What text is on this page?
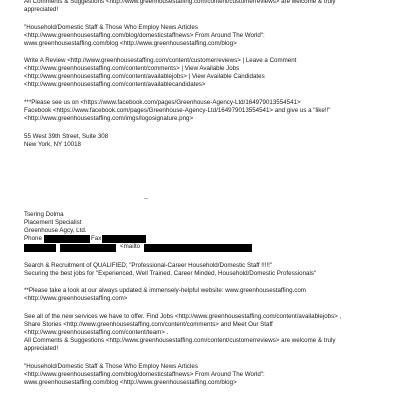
All Comments & Suggestions <http://www.greenhousestaffing.com/content/customerreviews> are welcome & truly
appreciated!
"Household/Domestic Staff & Those Who Employ News Articles
<http://www.greenhousestaffing.com/blog/domesticstaffnews> From Around The World":
www.greenhousestaffing.com/blog <http://www.greenhousestaffing.com/blog>
Write A Review <http://www.greenhousestaffing.com/content/customerreviews> | Leave a Comment
<http://www.greenhousestaffing.com/content/comments> | View Available Jobs
<http://www.greenhousestaffing.com/content/availablejobs> | View Available Candidates
<http://www.greenhousestaffing.com/content/availablecandidates>
***Please see us on <https://www.facebook.com/pages/Greenhouse-Agency-Ltd/164979013554541>
Facebook <https://www.facebook.com/pages/Greenhouse-Agency-Ltd/164979013554541> and give us a "like!!"
<http://www.greenhousestaffing.com/imgs/logosignature.png>
55 West 39th Street, Suite 308
New York, NY 10018
--
Tsering Dolma
Placement Specialist
Greenhouse Agcy, Ltd.
Phone	Fax
<mailto
Search & Recruitment of QUALIFIED; "Professional-Career Household/Domestic Staff !!!!!"
Securing the best jobs for "Experienced, Well Trained, Career Minded, Household/Domestic Professionals"
**Please take a look at our always updated & immensely-helpful website: www.greenhousestaffing.com
<http://www.greenhousestaffing.com>
See all of the new services we have to offer. Find Jobs <http://www.greenhousestaffing.com/content/availablejobs> ,
Share Stories <http://www.greenhousestaffing.com/content/comments> and Meet Our Staff
<http://www.greenhousestaffing.com/content/team> .
All Comments & Suggestions <http://www.greenhousestaffing.com/content/customerreviews> are welcome & truly
appreciated!
"Household/Domestic Staff & Those Who Employ News Articles
<http://www.greenhousestaffing.com/blog/domesticstaffnews> From Around The World":
www.greenhousestaffing.com/blog <http://www.greenhousestaffing.com/blog>
